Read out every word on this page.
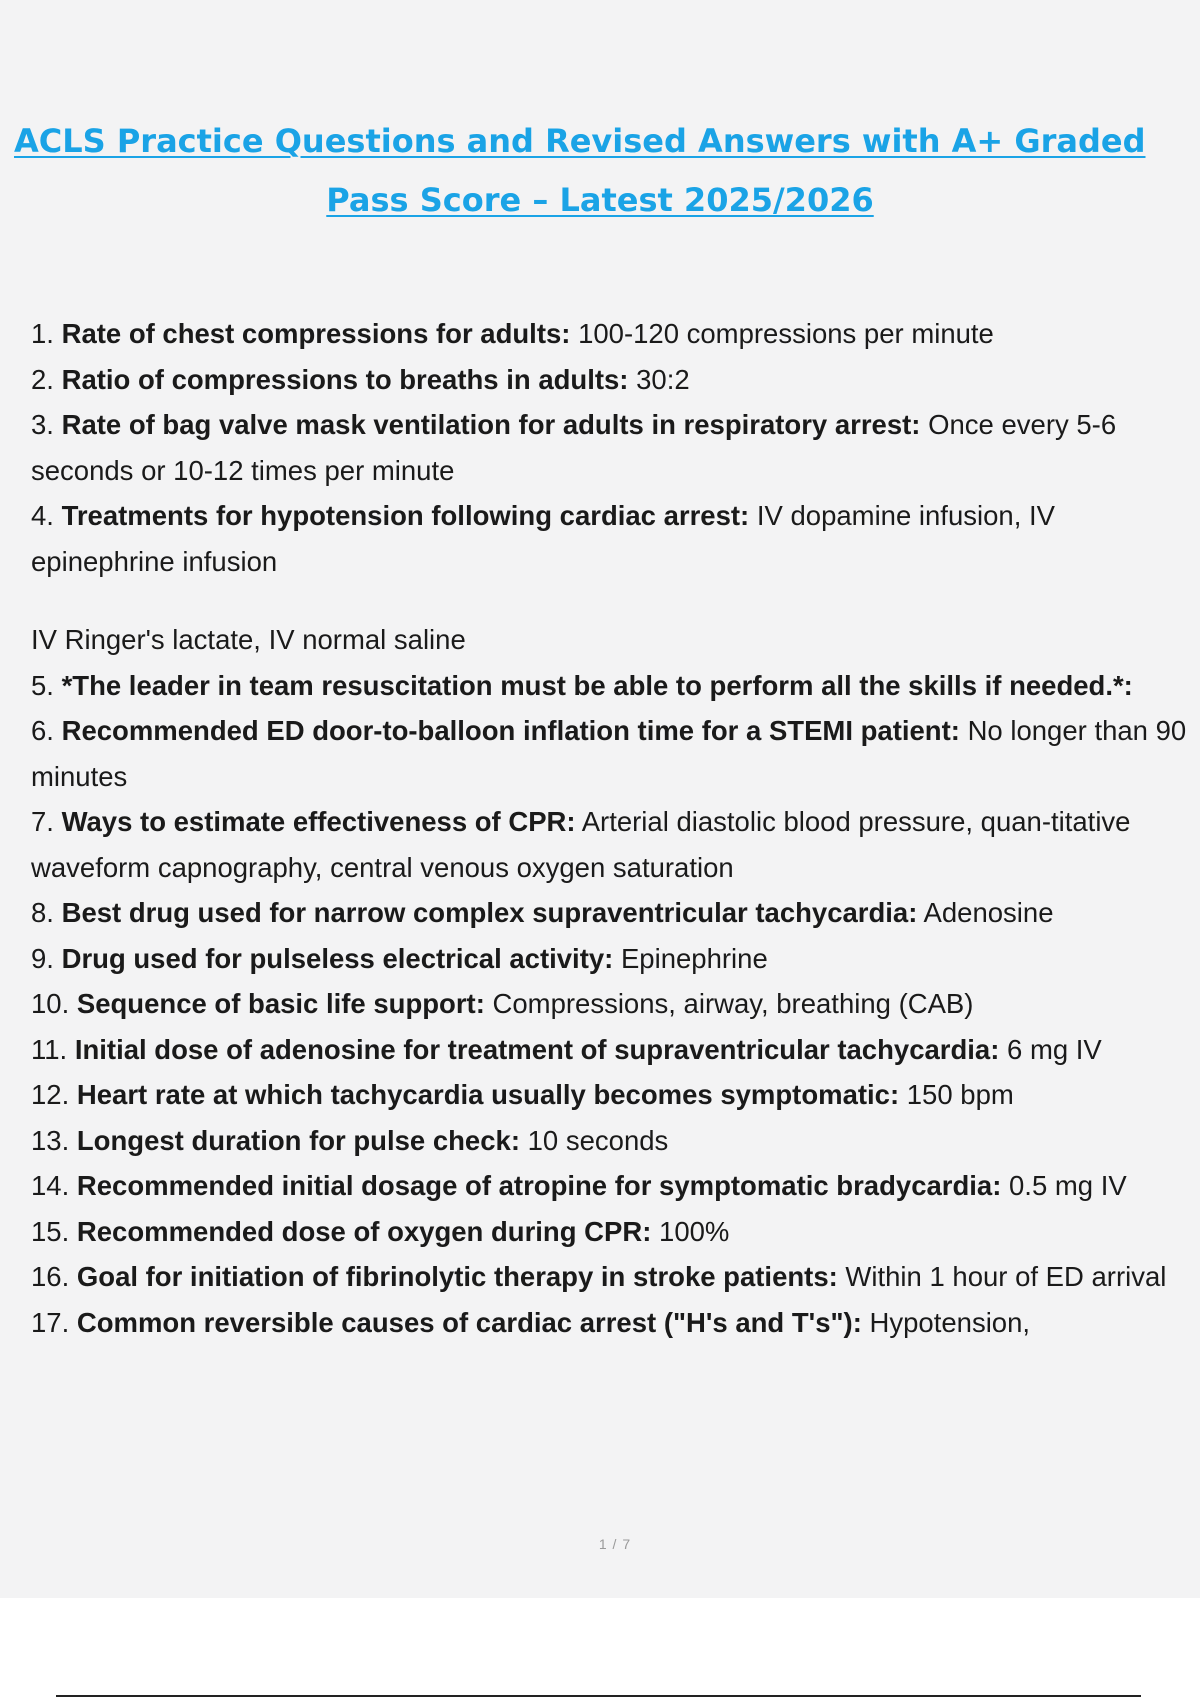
ACLS Practice Questions and Revised Answers with A+ Graded
Pass Score – Latest 2025/2026
1. Rate of chest compressions for adults: 100-120 compressions per minute
2. Ratio of compressions to breaths in adults: 30:2
3. Rate of bag valve mask ventilation for adults in respiratory arrest: Once every 5-6 seconds or 10-12 times per minute
4. Treatments for hypotension following cardiac arrest: IV dopamine infusion, IV epinephrine infusion
IV Ringer's lactate, IV normal saline
5. *The leader in team resuscitation must be able to perform all the skills if needed.*:
6. Recommended ED door-to-balloon inflation time for a STEMI patient: No longer than 90 minutes
7. Ways to estimate effectiveness of CPR: Arterial diastolic blood pressure, quan-titative waveform capnography, central venous oxygen saturation
8. Best drug used for narrow complex supraventricular tachycardia: Adenosine
9. Drug used for pulseless electrical activity: Epinephrine
10. Sequence of basic life support: Compressions, airway, breathing (CAB)
11. Initial dose of adenosine for treatment of supraventricular tachycardia: 6 mg IV
12. Heart rate at which tachycardia usually becomes symptomatic: 150 bpm
13. Longest duration for pulse check: 10 seconds
14. Recommended initial dosage of atropine for symptomatic bradycardia: 0.5 mg IV
15. Recommended dose of oxygen during CPR: 100%
16. Goal for initiation of fibrinolytic therapy in stroke patients: Within 1 hour of ED arrival
17. Common reversible causes of cardiac arrest ("H's and T's"): Hypotension,
1 / 7
